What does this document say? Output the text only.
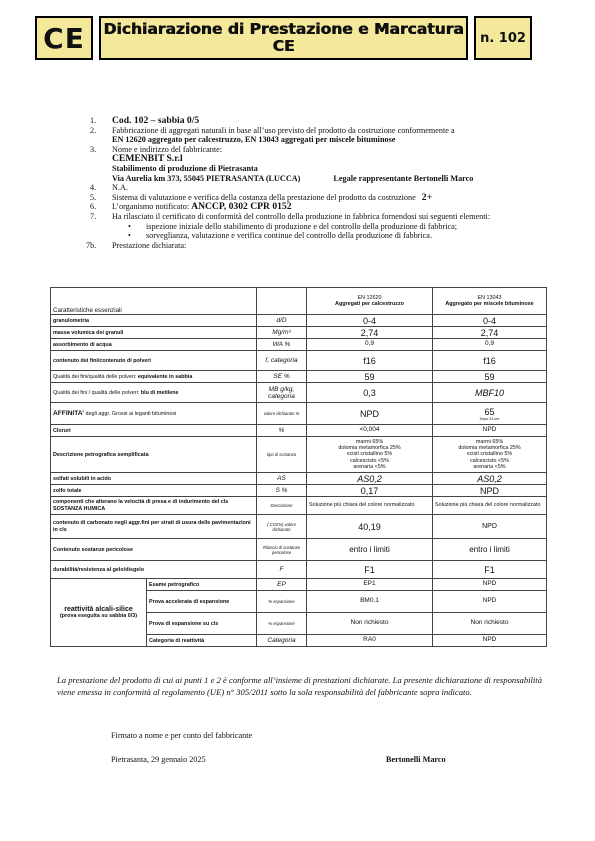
CE	Dichiarazione di Prestazione e Marcatura CE	n. 102
1.	Cod. 102 – sabbia 0/5
2.	Fabbricazione di aggregati naturali in base all’uso previsto del prodotto da costruzione conformemente a
EN 12620 aggregato per calcestruzzo, EN 13043 aggregati per miscele bituminose
3.	Nome e indirizzo del fabbricante:
CEMENBIT S.r.l
Stabilimento di produzione di Pietrasanta
Via Aurelia km 373, 55045 PIETRASANTA (LUCCA)	Legale rappresentante Bertonelli Marco
4.	N.A.
5.	Sistema di valutazione e verifica della costanza della prestazione del prodotto da costruzione 2+
6.	L’organismo notificato: ANCCP, 0302 CPR 0152
7.	Ha rilasciato il certificato di conformità del controllo della produzione in fabbrica fornendosi sui seguenti elementi:
•	ispezione iniziale dello stabilimento di produzione e del controllo della produzione di fabbrica;
•	sorveglianza, valutazione e verifica continue del controllo della produzione di fabbrica.
7b.	Prestazione dichiarata:
Caratteristiche essenziali			EN 12620
Aggregati per calcestruzzo	EN 13043
Aggregato per miscele bituminose
granulometria		d/D	0-4	0-4
massa volumica dei granuli		Mg/m³	2,74	2,74
assorbimento di acqua		WA %	0,9	0,9
contenuto dei fini/contenuto di polveri		f, categoria	f16	f16
Qualità dei fini/qualità delle polveri: equivalente in sabbia		SE %	59	59
Qualità dei fini / qualità delle polveri: blu di metilene		MB g/kg, categoria	0,3	MBF10
AFFINITA’ degli aggr. Grossi ai leganti bituminosi		valore dichiarato %	NPD	65
Dopo 24 ore

Cloruri		%	<0,004	NPD
Descrizione petrografica semplificata		tipo di sostanza	marmi 65%
dolomia metamorfica 25%
scisti cristallino 5%
calcescisto <5%
arenaria <5%	marmi 65%
dolomia metamorfica 25%
scisti cristallino 5%
calcescisto <5%
arenaria <5%
solfati solubili in acido		AS	AS0,2	AS0,2
zolfo totale		S %	0,17	NPD
componenti che alterano la velocità di presa e di indurimento del cls SOSTANZA HUMICA		Descrizione	Soluzione più chiara del colore normalizzato	Soluzione più chiara del colore normalizzato
contenuto di carbonato negli aggr.fini per strati di usura delle pavimentazioni in cls		( CO2%) valore dichiarato	40,19	NPD
Contenuto sostanze pericolose		Rilascio di sostanze pericolose	entro i limiti	entro i limiti
durabilità/resistenza al gelo/disgelo		F	F1	F1
reattività alcali-silice
(prova eseguita su sabbia 0/3)	Esame petrografico	EP	EP1	NPD
	Prova accelerata di espansione	% espansione	BM0,1	NPD
	Prova di espansione su cls	% espansione	Non richiesto	Non richiesto
	Categoria di reattività	Categoria	RA0	NPD
La prestazione del prodotto di cui ai punti 1 e 2 è conforme all’insieme di prestazioni dichiarate. La presente dichiarazione di responsabilità viene emessa in conformità al regolamento (UE) n° 305/2011 sotto la sola responsabilità del fabbricante sopra indicato.
Firmato a nome e per conto del fabbricante
Pietrasanta, 29 gennaio 2025	Bertonelli Marco
